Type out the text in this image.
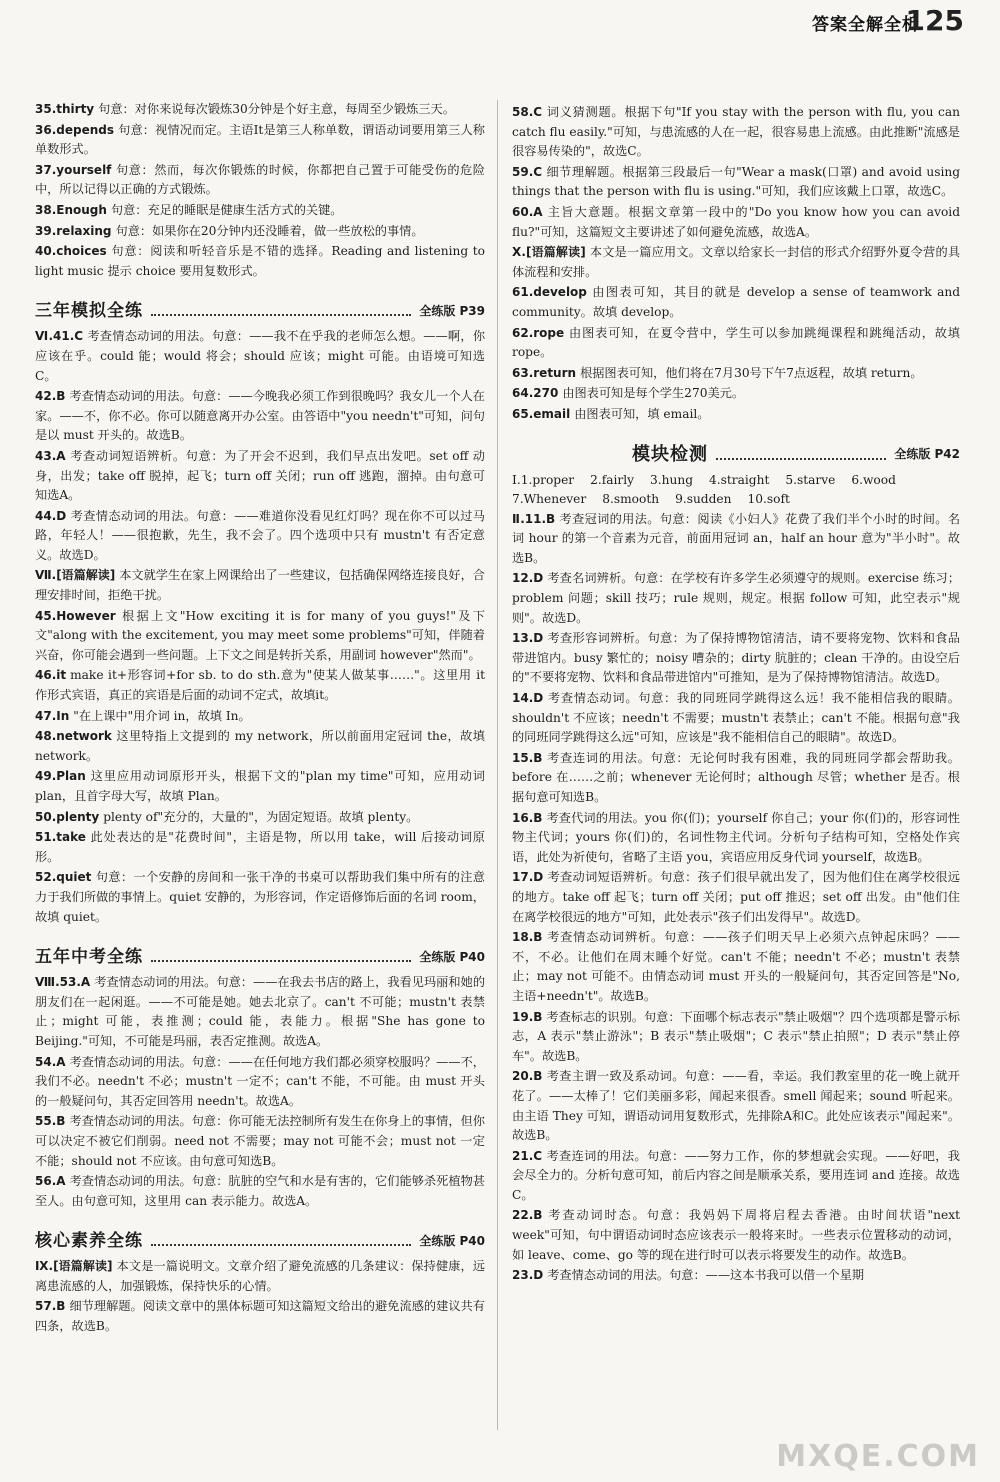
答案全解全析
125
35.thirty 句意：对你来说每次锻炼30分钟是个好主意，每周至少锻炼三天。
36.depends 句意：视情况而定。主语It是第三人称单数，谓语动词要用第三人称单数形式。
37.yourself 句意：然而，每次你锻炼的时候，你都把自己置于可能受伤的危险中，所以记得以正确的方式锻炼。
38.Enough 句意：充足的睡眠是健康生活方式的关键。
39.relaxing 句意：如果你在20分钟内还没睡着，做一些放松的事情。
40.choices 句意：阅读和听轻音乐是不错的选择。Reading and listening to light music 提示 choice 要用复数形式。
三年模拟全练	全练版 P39
Ⅵ.41.C 考查情态动词的用法。句意：——我不在乎我的老师怎么想。——啊，你应该在乎。could 能；would 将会；should 应该；might 可能。由语境可知选C。
42.B 考查情态动词的用法。句意：——今晚我必须工作到很晚吗？我女儿一个人在家。——不，你不必。你可以随意离开办公室。由答语中"you needn't"可知，问句是以 must 开头的。故选B。
43.A 考查动词短语辨析。句意：为了开会不迟到，我们早点出发吧。set off 动身，出发；take off 脱掉，起飞；turn off 关闭；run off 逃跑，溜掉。由句意可知选A。
44.D 考查情态动词的用法。句意：——难道你没看见红灯吗？现在你不可以过马路，年轻人！——很抱歉，先生，我不会了。四个选项中只有 mustn't 有否定意义。故选D。
Ⅶ.[语篇解读] 本文就学生在家上网课给出了一些建议，包括确保网络连接良好，合理安排时间，拒绝干扰。
45.However 根据上文"How exciting it is for many of you guys!"及下文"along with the excitement, you may meet some problems"可知，伴随着兴奋，你可能会遇到一些问题。上下文之间是转折关系，用副词 however"然而"。
46.it make it+形容词+for sb. to do sth.意为"使某人做某事……"。这里用 it 作形式宾语，真正的宾语是后面的动词不定式，故填it。
47.In "在上课中"用介词 in，故填 In。
48.network 这里特指上文提到的 my network，所以前面用定冠词 the，故填 network。
49.Plan 这里应用动词原形开头，根据下文的"plan my time"可知，应用动词 plan，且首字母大写，故填 Plan。
50.plenty plenty of"充分的，大量的"，为固定短语。故填 plenty。
51.take 此处表达的是"花费时间"，主语是物，所以用 take，will 后接动词原形。
52.quiet 句意：一个安静的房间和一张干净的书桌可以帮助我们集中所有的注意力于我们所做的事情上。quiet 安静的，为形容词，作定语修饰后面的名词 room，故填 quiet。
五年中考全练	全练版 P40
Ⅷ.53.A 考查情态动词的用法。句意：——在我去书店的路上，我看见玛丽和她的朋友们在一起闲逛。——不可能是她。她去北京了。can't 不可能；mustn't 表禁止；might 可能，表推测；could 能，表能力。根据"She has gone to Beijing."可知，不可能是玛丽，表否定推测。故选A。
54.A 考查情态动词的用法。句意：——在任何地方我们都必须穿校服吗？——不，我们不必。needn't 不必；mustn't 一定不；can't 不能，不可能。由 must 开头的一般疑问句，其否定回答用 needn't。故选A。
55.B 考查情态动词的用法。句意：你可能无法控制所有发生在你身上的事情，但你可以决定不被它们削弱。need not 不需要；may not 可能不会；must not 一定不能；should not 不应该。由句意可知选B。
56.A 考查情态动词的用法。句意：肮脏的空气和水是有害的，它们能够杀死植物甚至人。由句意可知，这里用 can 表示能力。故选A。
核心素养全练	全练版 P40
Ⅸ.[语篇解读] 本文是一篇说明文。文章介绍了避免流感的几条建议：保持健康，远离患流感的人，加强锻炼，保持快乐的心情。
57.B 细节理解题。阅读文章中的黑体标题可知这篇短文给出的避免流感的建议共有四条，故选B。
58.C 词义猜测题。根据下句"If you stay with the person with flu, you can catch flu easily."可知，与患流感的人在一起，很容易患上流感。由此推断"流感是很容易传染的"，故选C。
59.C 细节理解题。根据第三段最后一句"Wear a mask(口罩) and avoid using things that the person with flu is using."可知，我们应该戴上口罩，故选C。
60.A 主旨大意题。根据文章第一段中的"Do you know how you can avoid flu?"可知，这篇短文主要讲述了如何避免流感，故选A。
Ⅹ.[语篇解读] 本文是一篇应用文。文章以给家长一封信的形式介绍野外夏令营的具体流程和安排。
61.develop 由图表可知，其目的就是 develop a sense of teamwork and community。故填 develop。
62.rope 由图表可知，在夏令营中，学生可以参加跳绳课程和跳绳活动，故填 rope。
63.return 根据图表可知，他们将在7月30号下午7点返程，故填 return。
64.270 由图表可知是每个学生270美元。
65.email 由图表可知，填 email。
模块检测	全练版 P42
Ⅰ.1.proper 2.fairly 3.hung 4.straight 5.starve 6.wood
7.Whenever 8.smooth 9.sudden 10.soft
Ⅱ.11.B 考查冠词的用法。句意：阅读《小妇人》花费了我们半个小时的时间。名词 hour 的第一个音素为元音，前面用冠词 an，half an hour 意为"半小时"。故选B。
12.D 考查名词辨析。句意：在学校有许多学生必须遵守的规则。exercise 练习；problem 问题；skill 技巧；rule 规则，规定。根据 follow 可知，此空表示"规则"。故选D。
13.D 考查形容词辨析。句意：为了保持博物馆清洁，请不要将宠物、饮料和食品带进馆内。busy 繁忙的；noisy 嘈杂的；dirty 肮脏的；clean 干净的。由设空后的"不要将宠物、饮料和食品带进馆内"可推知，是为了保持博物馆清洁。故选D。
14.D 考查情态动词。句意：我的同班同学跳得这么远！我不能相信我的眼睛。shouldn't 不应该；needn't 不需要；mustn't 表禁止；can't 不能。根据句意"我的同班同学跳得这么远"可知，应该是"我不能相信自己的眼睛"。故选D。
15.B 考查连词的用法。句意：无论何时我有困难，我的同班同学都会帮助我。before 在……之前；whenever 无论何时；although 尽管；whether 是否。根据句意可知选B。
16.B 考查代词的用法。you 你(们)；yourself 你自己；your 你(们)的，形容词性物主代词；yours 你(们)的，名词性物主代词。分析句子结构可知，空格处作宾语，此处为祈使句，省略了主语 you，宾语应用反身代词 yourself，故选B。
17.D 考查动词短语辨析。句意：孩子们很早就出发了，因为他们住在离学校很远的地方。take off 起飞；turn off 关闭；put off 推迟；set off 出发。由"他们住在离学校很远的地方"可知，此处表示"孩子们出发得早"。故选D。
18.B 考查情态动词辨析。句意：——孩子们明天早上必须六点钟起床吗？——不，不必。让他们在周末睡个好觉。can't 不能；needn't 不必；mustn't 表禁止；may not 可能不。由情态动词 must 开头的一般疑问句，其否定回答是"No, 主语+needn't"。故选B。
19.B 考查标志的识别。句意：下面哪个标志表示"禁止吸烟"？四个选项都是警示标志，A 表示"禁止游泳"；B 表示"禁止吸烟"；C 表示"禁止拍照"；D 表示"禁止停车"。故选B。
20.B 考查主谓一致及系动词。句意：——看，幸运。我们教室里的花一晚上就开花了。——太棒了！它们美丽多彩，闻起来很香。smell 闻起来；sound 听起来。由主语 They 可知，谓语动词用复数形式，先排除A和C。此处应该表示"闻起来"。故选B。
21.C 考查连词的用法。句意：——努力工作，你的梦想就会实现。——好吧，我会尽全力的。分析句意可知，前后内容之间是顺承关系，要用连词 and 连接。故选C。
22.B 考查动词时态。句意：我妈妈下周将启程去香港。由时间状语"next week"可知，句中谓语动词时态应该表示一般将来时。一些表示位置移动的动词，如 leave、come、go 等的现在进行时可以表示将要发生的动作。故选B。
23.D 考查情态动词的用法。句意：——这本书我可以借一个星期
MXQE.COM
